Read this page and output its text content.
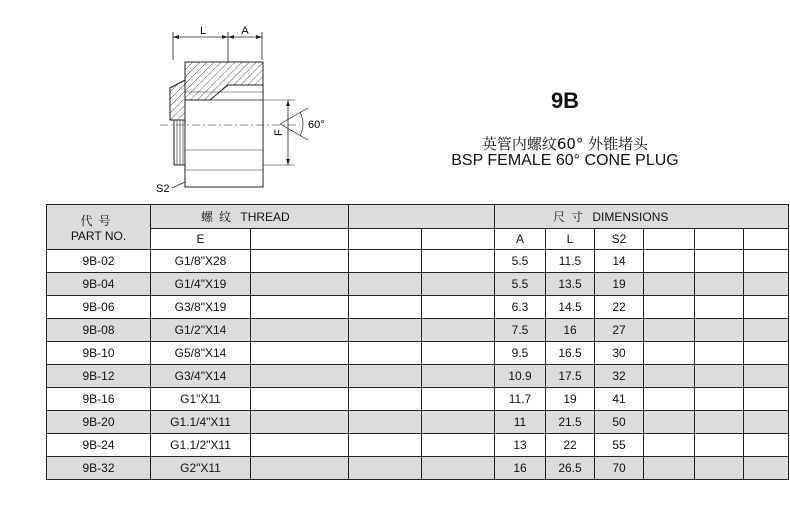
L	A
F
60°
S2
9B
英管内螺纹60° 外锥堵头
BSP FEMALE 60° CONE PLUG
代号
PART NO.	螺纹 THREAD				尺寸 DIMENSIONS					
	E				A	L	S2			
9B-02	G1/8"X28				5.5	11.5	14			
9B-04	G1/4"X19				5.5	13.5	19			
9B-06	G3/8"X19				6.3	14.5	22			
9B-08	G1/2"X14				7.5	16	27			
9B-10	G5/8"X14				9.5	16.5	30			
9B-12	G3/4"X14				10.9	17.5	32			
9B-16	G1"X11				11.7	19	41			
9B-20	G1.1/4"X11				11	21.5	50			
9B-24	G1.1/2"X11				13	22	55			
9B-32	G2"X11				16	26.5	70			
